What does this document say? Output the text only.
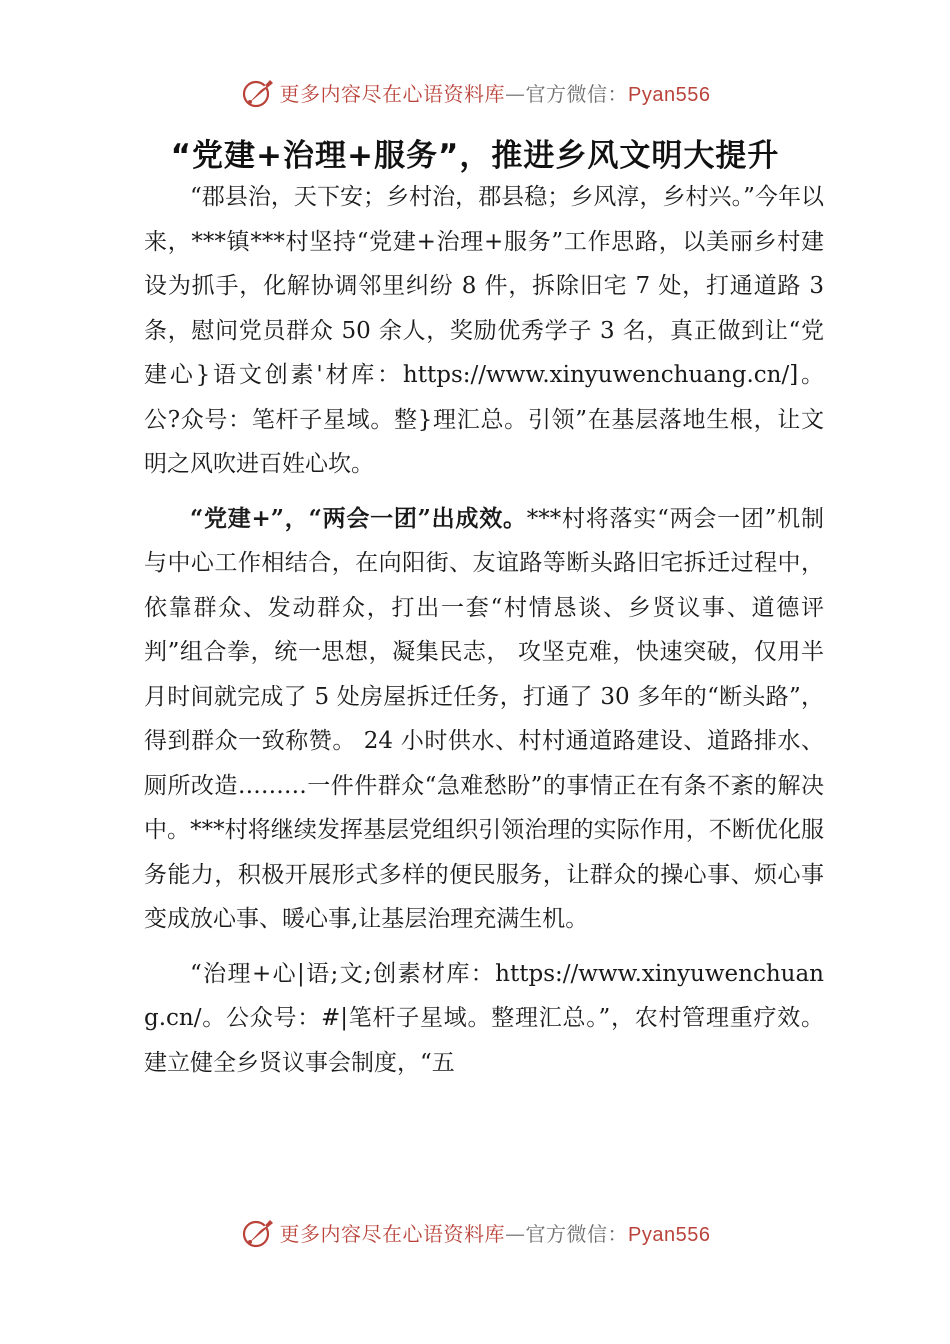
更多内容尽在心语资料库—官方微信：Pyan556
“党建+治理+服务”，推进乡风文明大提升

“郡县治，天下安；乡村治，郡县稳；乡风淳，乡村兴。”今年以来，***镇***村坚持“党建+治理+服务”工作思路，以美丽乡村建设为抓手，化解协调邻里纠纷 8 件，拆除旧宅 7 处，打通道路 3 条，慰问党员群众 50 余人，奖励优秀学子 3 名，真正做到让“党建心}语文创素'材库：https://www.xinyuwenchuang.cn/]。公?众号：笔杆子星域。整}理汇总。引领”在基层落地生根，让文明之风吹进百姓心坎。

“党建+”，“两会一团”出成效。***村将落实“两会一团”机制与中心工作相结合，在向阳街、友谊路等断头路旧宅拆迁过程中，依靠群众、发动群众，打出一套“村情恳谈、乡贤议事、道德评判”组合拳，统一思想，凝集民志， 攻坚克难，快速突破，仅用半月时间就完成了 5 处房屋拆迁任务，打通了 30 多年的“断头路”，得到群众一致称赞。 24 小时供水、村村通道路建设、道路排水、厕所改造………一件件群众“急难愁盼”的事情正在有条不紊的解决中。***村将继续发挥基层党组织引领治理的实际作用，不断优化服务能力，积极开展形式多样的便民服务，让群众的操心事、烦心事变成放心事、暖心事,让基层治理充满生机。

“治理+心|语;文;创素材库：https://www.xinyuwenchuang.cn/。公众号：#|笔杆子星域。整理汇总。”，农村管理重疗效。建立健全乡贤议事会制度，“五

更多内容尽在心语资料库—官方微信：Pyan556
